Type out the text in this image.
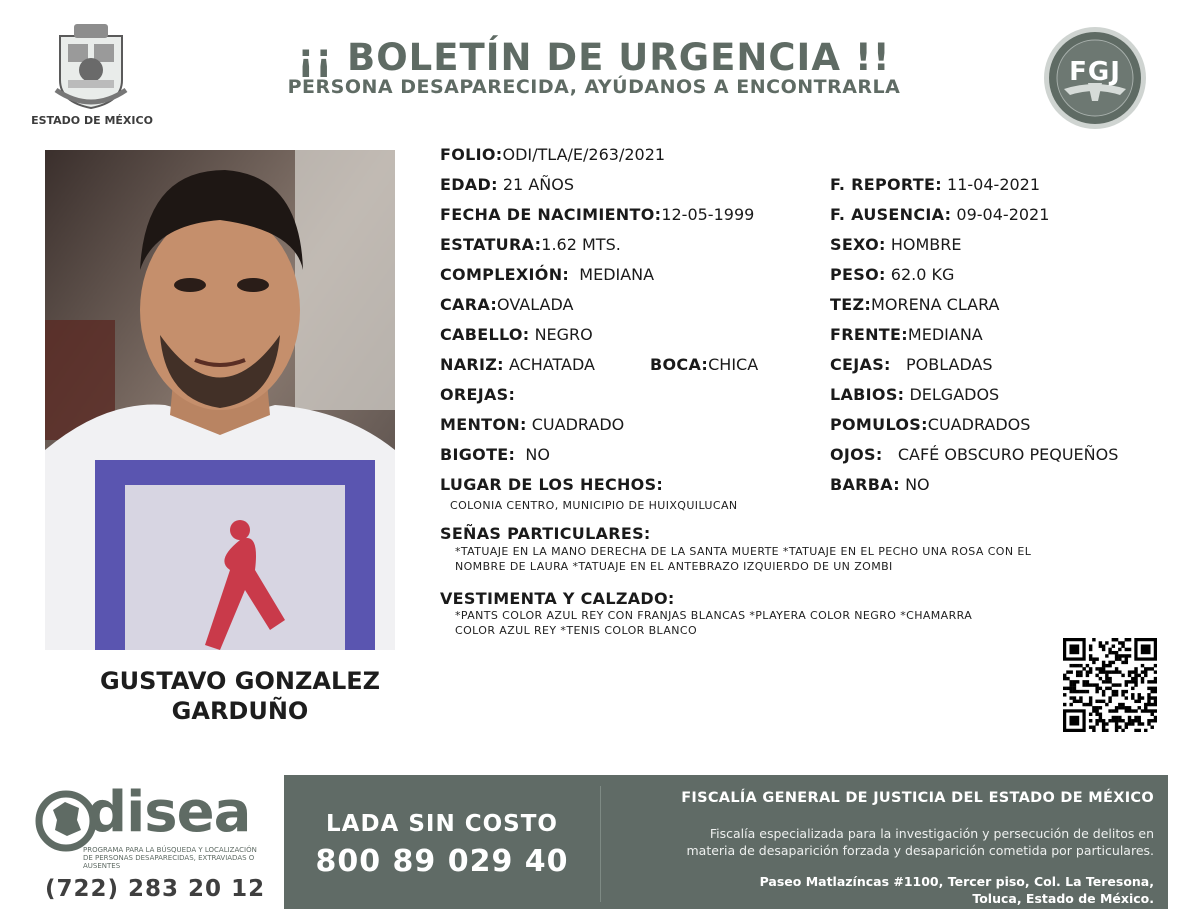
ESTADO DE MÉXICO
¡¡ BOLETÍN DE URGENCIA !!
PERSONA DESAPARECIDA, AYÚDANOS A ENCONTRARLA	FGJ
GUSTAVO GONZALEZ
GARDUÑO
FOLIO:ODI/TLA/E/263/2021
EDAD: 21 AÑOS
FECHA DE NACIMIENTO:12-05-1999
ESTATURA:1.62 MTS.
COMPLEXIÓN: MEDIANA
CARA:OVALADA
CABELLO: NEGRO
NARIZ: ACHATADA	BOCA:CHICA
OREJAS:
MENTON: CUADRADO
BIGOTE: NO
LUGAR DE LOS HECHOS:
COLONIA CENTRO, MUNICIPIO DE HUIXQUILUCAN
F. REPORTE: 11-04-2021
F. AUSENCIA: 09-04-2021
SEXO: HOMBRE
PESO: 62.0 KG
TEZ:MORENA CLARA
FRENTE:MEDIANA
CEJAS: POBLADAS
LABIOS: DELGADOS
POMULOS:CUADRADOS
OJOS: CAFÉ OBSCURO PEQUEÑOS
BARBA: NO
SEÑAS PARTICULARES:
*TATUAJE EN LA MANO DERECHA DE LA SANTA MUERTE *TATUAJE EN EL PECHO UNA ROSA CON EL
NOMBRE DE LAURA *TATUAJE EN EL ANTEBRAZO IZQUIERDO DE UN ZOMBI
VESTIMENTA Y CALZADO:
*PANTS COLOR AZUL REY CON FRANJAS BLANCAS *PLAYERA COLOR NEGRO *CHAMARRA
COLOR AZUL REY *TENIS COLOR BLANCO
disea
PROGRAMA PARA LA BÚSQUEDA Y LOCALIZACIÓN
DE PERSONAS DESAPARECIDAS, EXTRAVIADAS O
AUSENTES
(722) 283 20 12
LADA SIN COSTO
800 89 029 40
FISCALÍA GENERAL DE JUSTICIA DEL ESTADO DE MÉXICO
Fiscalía especializada para la investigación y persecución de delitos en
materia de desaparición forzada y desaparición cometida por particulares.
Paseo Matlazíncas #1100, Tercer piso, Col. La Teresona,
Toluca, Estado de México.
